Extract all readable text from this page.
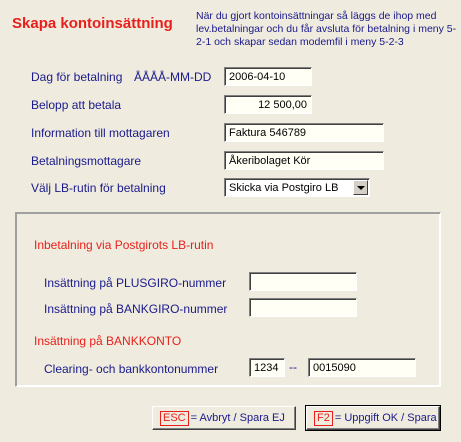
Skapa kontoinsättning När du gjort kontoinsättningar så läggs de ihop med lev.betalningar och du får avsluta för betalning i meny 5-2-1 och skapar sedan modemfil i meny 5-2-3
Dag för betalning ÅÅÅÅ-MM-DD	2006-04-10
Belopp att betala	12 500,00
Information till mottagaren	Faktura 546789
Betalningsmottagare	Åkeribolaget Kör
Välj LB-rutin för betalning	Skicka via Postgiro LB
Inbetalning via Postgirots LB-rutin
Insättning på PLUSGIRO-nummer
Insättning på BANKGIRO-nummer
Insättning på BANKKONTO
Clearing- och bankkontonummer	1234 --	0015090
ESC = Avbryt / Spara EJ	F2 = Uppgift OK / Spara
